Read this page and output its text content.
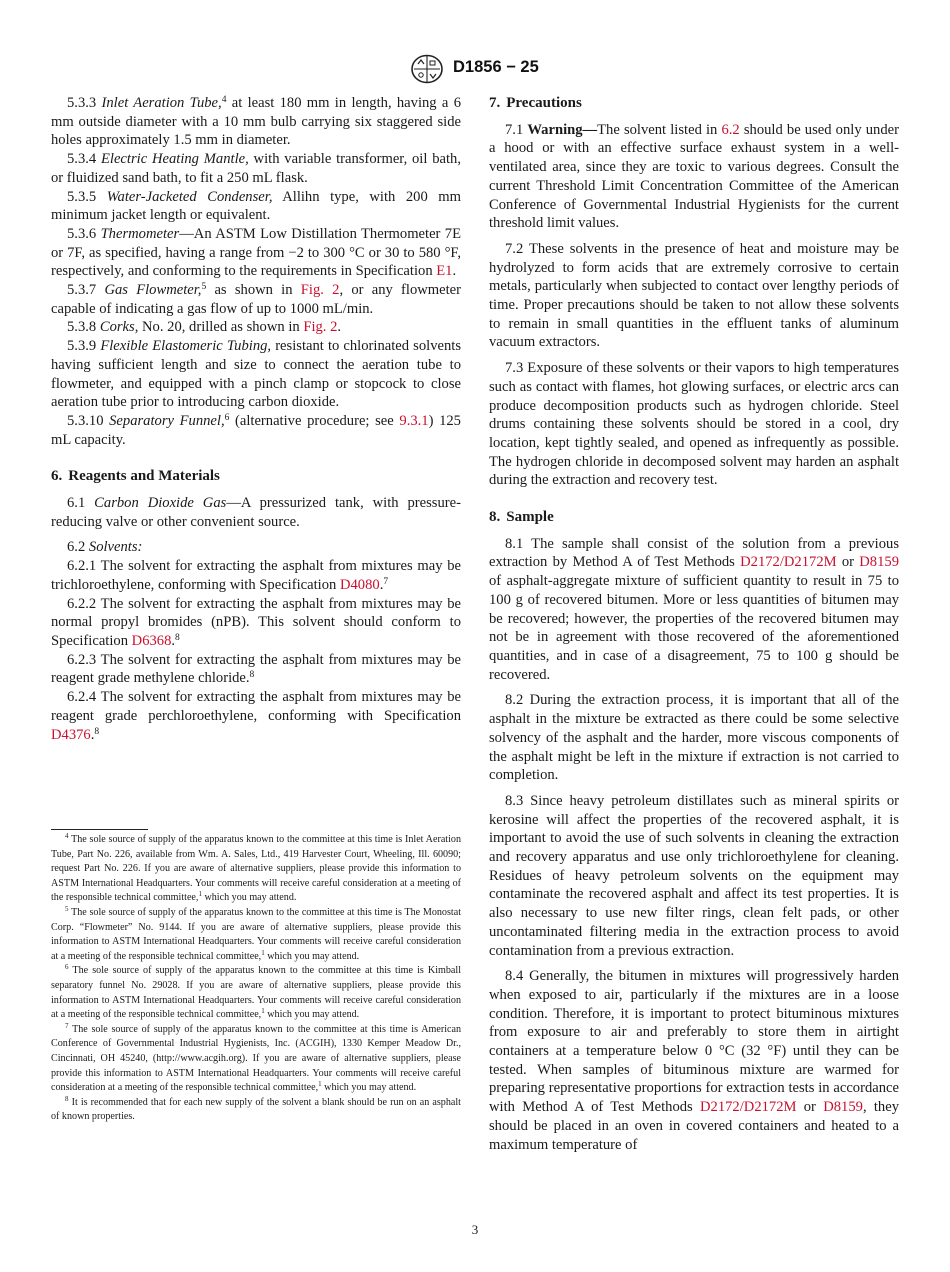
D1856 − 25

5.3.3 Inlet Aeration Tube,$^4$ at least 180 mm in length, having a 6 mm outside diameter with a 10 mm bulb carrying six staggered side holes approximately 1.5 mm in diameter.

5.3.4 Electric Heating Mantle, with variable transformer, oil bath, or fluidized sand bath, to fit a 250 mL flask.

5.3.5 Water-Jacketed Condenser, Allihn type, with 200 mm minimum jacket length or equivalent.

5.3.6 Thermometer—An ASTM Low Distillation Thermometer 7E or 7F, as specified, having a range from −2 to 300 °C or 30 to 580 °F, respectively, and conforming to the requirements in Specification E1.

5.3.7 Gas Flowmeter,$^5$ as shown in Fig. 2, or any flowmeter capable of indicating a gas flow of up to 1000 mL/min.

5.3.8 Corks, No. 20, drilled as shown in Fig. 2.

5.3.9 Flexible Elastomeric Tubing, resistant to chlorinated solvents having sufficient length and size to connect the aeration tube to flowmeter, and equipped with a pinch clamp or stopcock to close aeration tube prior to introducing carbon dioxide.

5.3.10 Separatory Funnel,$^6$ (alternative procedure; see 9.3.1) 125 mL capacity.

6. Reagents and Materials

6.1 Carbon Dioxide Gas—A pressurized tank, with pressure-reducing valve or other convenient source.

6.2 Solvents:

6.2.1 The solvent for extracting the asphalt from mixtures may be trichloroethylene, conforming with Specification D4080.$^7$

6.2.2 The solvent for extracting the asphalt from mixtures may be normal propyl bromides (nPB). This solvent should conform to Specification D6368.$^8$

6.2.3 The solvent for extracting the asphalt from mixtures may be reagent grade methylene chloride.$^8$

6.2.4 The solvent for extracting the asphalt from mixtures may be reagent grade perchloroethylene, conforming with Specification D4376.$^8$

$^4$ The sole source of supply of the apparatus known to the committee at this time is Inlet Aeration Tube, Part No. 226, available from Wm. A. Sales, Ltd., 419 Harvester Court, Wheeling, Ill. 60090; request Part No. 226. If you are aware of alternative suppliers, please provide this information to ASTM International Headquarters. Your comments will receive careful consideration at a meeting of the responsible technical committee,$^1$ which you may attend.

$^5$ The sole source of supply of the apparatus known to the committee at this time is The Monostat Corp. “Flowmeter” No. 9144. If you are aware of alternative suppliers, please provide this information to ASTM International Headquarters. Your comments will receive careful consideration at a meeting of the responsible technical committee,$^1$ which you may attend.

$^6$ The sole source of supply of the apparatus known to the committee at this time is Kimball separatory funnel No. 29028. If you are aware of alternative suppliers, please provide this information to ASTM International Headquarters. Your comments will receive careful consideration at a meeting of the responsible technical committee,$^1$ which you may attend.

$^7$ The sole source of supply of the apparatus known to the committee at this time is American Conference of Governmental Industrial Hygienists, Inc. (ACGIH), 1330 Kemper Meadow Dr., Cincinnati, OH 45240, (http://www.acgih.org). If you are aware of alternative suppliers, please provide this information to ASTM International Headquarters. Your comments will receive careful consideration at a meeting of the responsible technical committee,$^1$ which you may attend.

$^8$ It is recommended that for each new supply of the solvent a blank should be run on an asphalt of known properties.

7. Precautions

7.1 Warning—The solvent listed in 6.2 should be used only under a hood or with an effective surface exhaust system in a well-ventilated area, since they are toxic to various degrees. Consult the current Threshold Limit Concentration Committee of the American Conference of Governmental Industrial Hygienists for the current threshold limit values.

7.2 These solvents in the presence of heat and moisture may be hydrolyzed to form acids that are extremely corrosive to certain metals, particularly when subjected to contact over lengthy periods of time. Proper precautions should be taken to not allow these solvents to remain in small quantities in the effluent tanks of aluminum vacuum extractors.

7.3 Exposure of these solvents or their vapors to high temperatures such as contact with flames, hot glowing surfaces, or electric arcs can produce decomposition products such as hydrogen chloride. Steel drums containing these solvents should be stored in a cool, dry location, kept tightly sealed, and opened as infrequently as possible. The hydrogen chloride in decomposed solvent may harden an asphalt during the extraction and recovery test.

8. Sample

8.1 The sample shall consist of the solution from a previous extraction by Method A of Test Methods D2172/D2172M or D8159 of asphalt-aggregate mixture of sufficient quantity to result in 75 to 100 g of recovered bitumen. More or less quantities of bitumen may be recovered; however, the properties of the recovered bitumen may not be in agreement with those recovered of the aforementioned quantities, and in case of a disagreement, 75 to 100 g should be recovered.

8.2 During the extraction process, it is important that all of the asphalt in the mixture be extracted as there could be some selective solvency of the asphalt and the harder, more viscous components of the asphalt might be left in the mixture if extraction is not carried to completion.

8.3 Since heavy petroleum distillates such as mineral spirits or kerosine will affect the properties of the recovered asphalt, it is important to avoid the use of such solvents in cleaning the extraction and recovery apparatus and use only trichloroethylene for cleaning. Residues of heavy petroleum solvents on the equipment may contaminate the recovered asphalt and affect its test properties. It is also necessary to use new filter rings, clean felt pads, or other uncontaminated filtering media in the extraction process to avoid contamination from a previous extraction.

8.4 Generally, the bitumen in mixtures will progressively harden when exposed to air, particularly if the mixtures are in a loose condition. Therefore, it is important to protect bituminous mixtures from exposure to air and preferably to store them in airtight containers at a temperature below 0 °C (32 °F) until they can be tested. When samples of bituminous mixture are warmed for preparing representative proportions for extraction tests in accordance with Method A of Test Methods D2172/D2172M or D8159, they should be placed in an oven in covered containers and heated to a maximum temperature of

3
